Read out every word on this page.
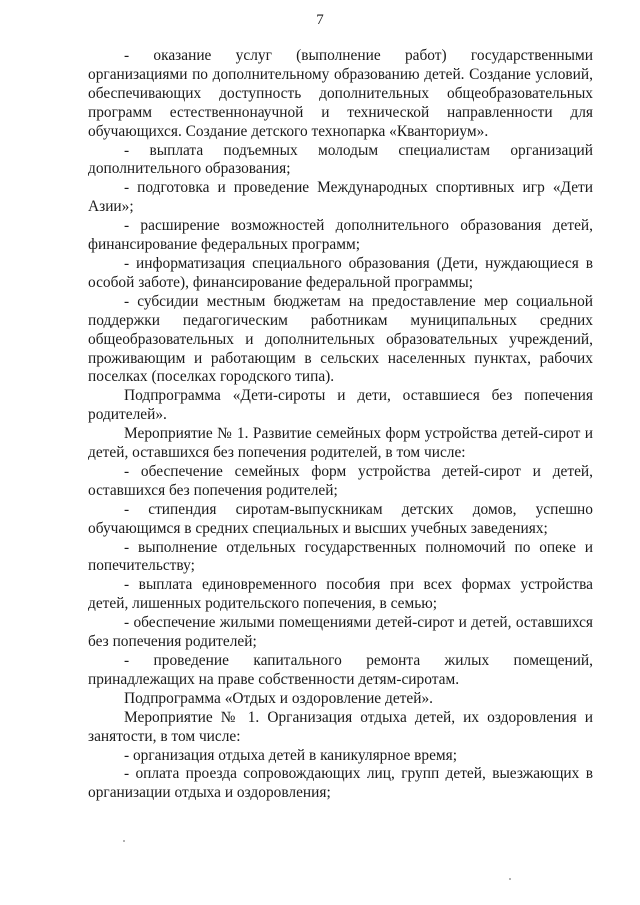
7

- оказание услуг (выполнение работ) государственными организациями по дополнительному образованию детей. Создание условий, обеспечивающих доступность дополнительных общеобразовательных программ естественнонаучной и технической направленности для обучающихся. Создание детского технопарка «Кванториум».

- выплата подъемных молодым специалистам организаций дополнительного образования;

- подготовка и проведение Международных спортивных игр «Дети Азии»;

- расширение возможностей дополнительного образования детей, финансирование федеральных программ;

- информатизация специального образования (Дети, нуждающиеся в особой заботе), финансирование федеральной программы;

- субсидии местным бюджетам на предоставление мер социальной поддержки педагогическим работникам муниципальных средних общеобразовательных и дополнительных образовательных учреждений, проживающим и работающим в сельских населенных пунктах, рабочих поселках (поселках городского типа).

Подпрограмма «Дети-сироты и дети, оставшиеся без попечения родителей».

Мероприятие № 1. Развитие семейных форм устройства детей-сирот и детей, оставшихся без попечения родителей, в том числе:

- обеспечение семейных форм устройства детей-сирот и детей, оставшихся без попечения родителей;

- стипендия сиротам-выпускникам детских домов, успешно обучающимся в средних специальных и высших учебных заведениях;

- выполнение отдельных государственных полномочий по опеке и попечительству;

- выплата единовременного пособия при всех формах устройства детей, лишенных родительского попечения, в семью;

- обеспечение жилыми помещениями детей-сирот и детей, оставшихся без попечения родителей;

- проведение капитального ремонта жилых помещений, принадлежащих на праве собственности детям-сиротам.

Подпрограмма «Отдых и оздоровление детей».

Мероприятие № 1. Организация отдыха детей, их оздоровления и занятости, в том числе:

- организация отдыха детей в каникулярное время;

- оплата проезда сопровождающих лиц, групп детей, выезжающих в организации отдыха и оздоровления;
